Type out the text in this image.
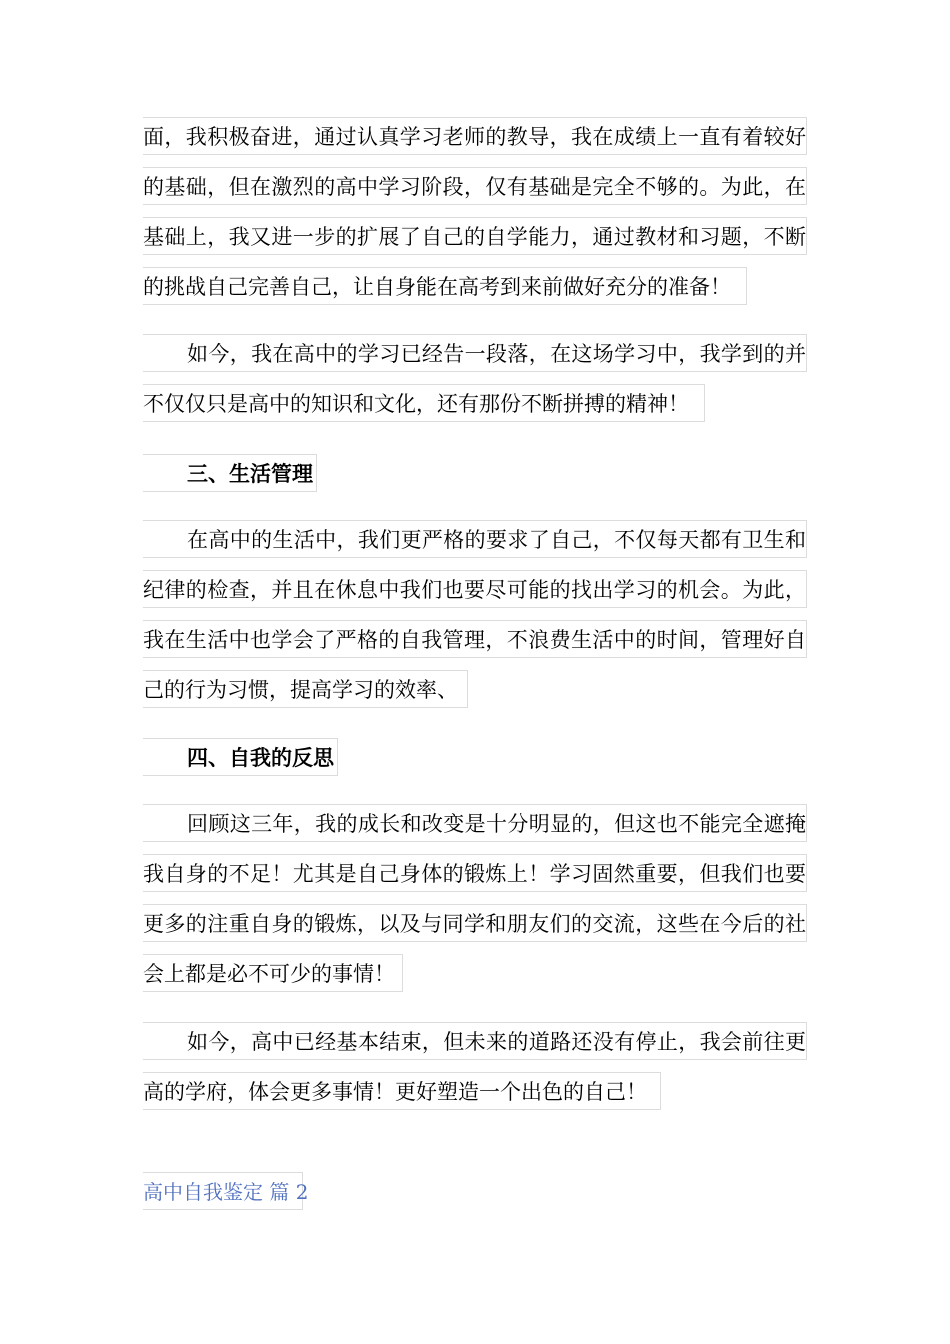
面，我积极奋进，通过认真学习老师的教导，我在成绩上一直有着较好
的基础，但在激烈的高中学习阶段，仅有基础是完全不够的。为此，在
基础上，我又进一步的扩展了自己的自学能力，通过教材和习题，不断
的挑战自己完善自己，让自身能在高考到来前做好充分的准备！
如今，我在高中的学习已经告一段落，在这场学习中，我学到的并
不仅仅只是高中的知识和文化，还有那份不断拼搏的精神！
三、生活管理
在高中的生活中，我们更严格的要求了自己，不仅每天都有卫生和
纪律的检查，并且在休息中我们也要尽可能的找出学习的机会。为此，
我在生活中也学会了严格的自我管理，不浪费生活中的时间，管理好自
己的行为习惯，提高学习的效率、
四、自我的反思
回顾这三年，我的成长和改变是十分明显的，但这也不能完全遮掩
我自身的不足！尤其是自己身体的锻炼上！学习固然重要，但我们也要
更多的注重自身的锻炼，以及与同学和朋友们的交流，这些在今后的社
会上都是必不可少的事情！
如今，高中已经基本结束，但未来的道路还没有停止，我会前往更
高的学府，体会更多事情！更好塑造一个出色的自己！
高中自我鉴定 篇 2
